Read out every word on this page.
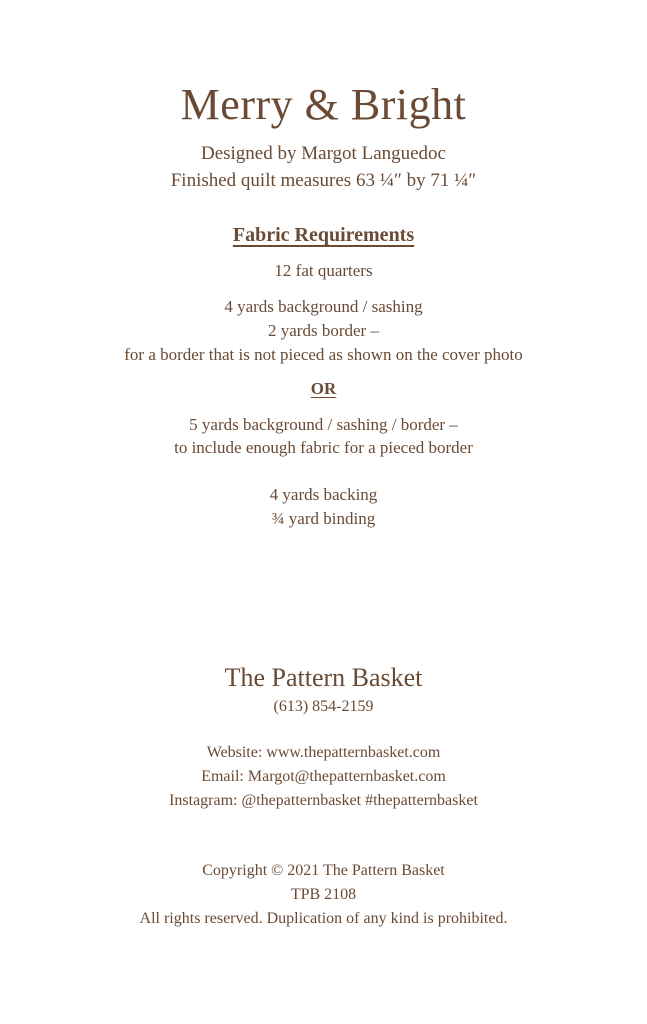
Merry & Bright
Designed by Margot Languedoc
Finished quilt measures 63 ¼″ by 71 ¼″
Fabric Requirements
12 fat quarters
4 yards background / sashing
2 yards border –
for a border that is not pieced as shown on the cover photo
OR
5 yards background / sashing / border –
to include enough fabric for a pieced border
4 yards backing
¾ yard binding
The Pattern Basket
(613) 854-2159
Website: www.thepatternbasket.com
Email: Margot@thepatternbasket.com
Instagram: @thepatternbasket #thepatternbasket
Copyright © 2021 The Pattern Basket
TPB 2108
All rights reserved. Duplication of any kind is prohibited.
